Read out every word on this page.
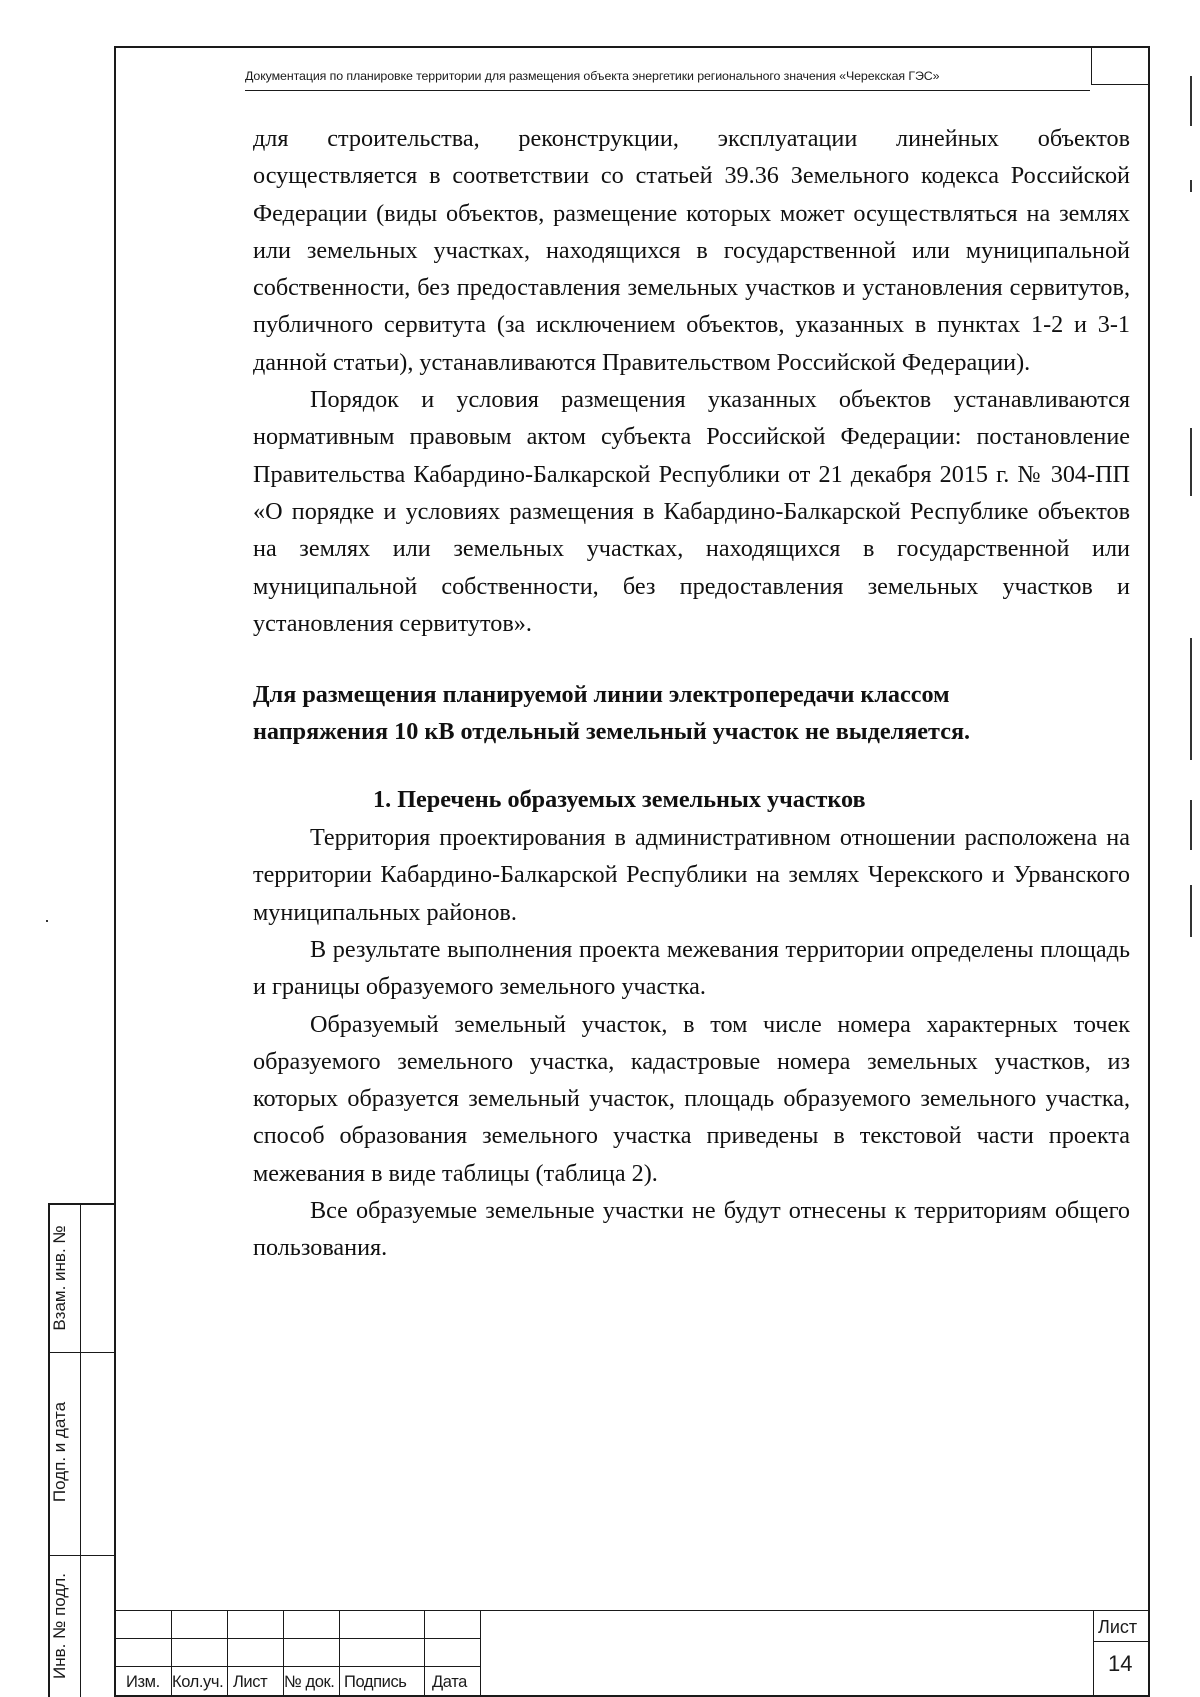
Документация по планировке территории для размещения объекта энергетики регионального значения «Черекская ГЭС»

для строительства, реконструкции, эксплуатации линейных объектов осуществляется в соответствии со статьей 39.36 Земельного кодекса Российской Федерации (виды объектов, размещение которых может осуществляться на землях или земельных участках, находящихся в государственной или муниципальной собственности, без предоставления земельных участков и установления сервитутов, публичного сервитута (за исключением объектов, указанных в пунктах 1-2 и 3-1 данной статьи), устанавливаются Правительством Российской Федерации).

Порядок и условия размещения указанных объектов устанавливаются нормативным правовым актом субъекта Российской Федерации: постановление Правительства Кабардино-Балкарской Республики от 21 декабря 2015 г. № 304-ПП «О порядке и условиях размещения в Кабардино-Балкарской Республике объектов на землях или земельных участках, находящихся в государственной или муниципальной собственности, без предоставления земельных участков и установления сервитутов».

Для размещения планируемой линии электропередачи классом

напряжения 10 кВ отдельный земельный участок не выделяется.

1. Перечень образуемых земельных участков

Территория проектирования в административном отношении расположена на территории Кабардино-Балкарской Республики на землях Черекского и Урванского муниципальных районов.

В результате выполнения проекта межевания территории определены площадь и границы образуемого земельного участка.

Образуемый земельный участок, в том числе номера характерных точек образуемого земельного участка, кадастровые номера земельных участков, из которых образуется земельный участок, площадь образуемого земельного участка, способ образования земельного участка приведены в текстовой части проекта межевания в виде таблицы (таблица 2).

Все образуемые земельные участки не будут отнесены к территориям общего пользования.

Взам. инв. №
Подп. и дата
Инв. № подл.
Изм. Кол.уч. Лист № док. Подпись Дата
Лист
14
